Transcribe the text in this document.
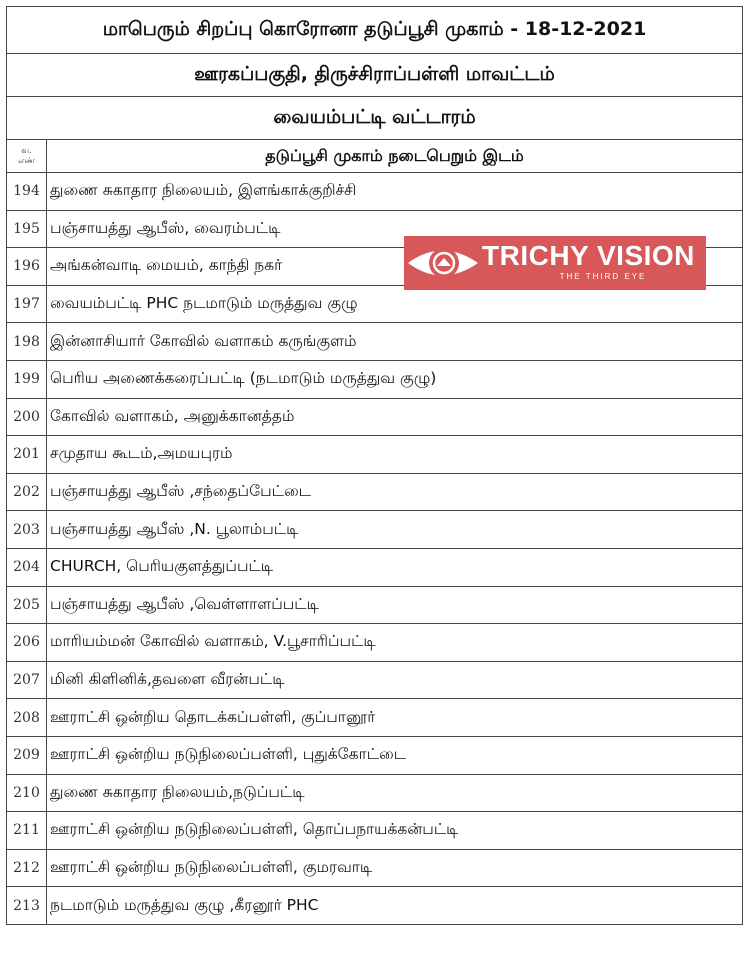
மாபெரும் சிறப்பு கொரோனா தடுப்பூசி முகாம் - 18-12-2021	
ஊரகப்பகுதி, திருச்சிராப்பள்ளி மாவட்டம்	
வையம்பட்டி வட்டாரம்	
வ.
எண்	தடுப்பூசி முகாம் நடைபெறும் இடம்
194	துணை சுகாதார நிலையம், இளங்காக்குறிச்சி
195	பஞ்சாயத்து ஆபீஸ், வைரம்பட்டி
196	அங்கன்வாடி மையம், காந்தி நகர்
197	வையம்பட்டி PHC நடமாடும் மருத்துவ குழு
198	இன்னாசியார் கோவில் வளாகம் கருங்குளம்
199	பெரிய அணைக்கரைப்பட்டி (நடமாடும் மருத்துவ குழு)
200	கோவில் வளாகம், அனுக்கானத்தம்
201	சமுதாய கூடம்,அமயபுரம்
202	பஞ்சாயத்து ஆபீஸ் ,சந்தைப்பேட்டை
203	பஞ்சாயத்து ஆபீஸ் ,N. பூலாம்பட்டி
204	CHURCH, பெரியகுளத்துப்பட்டி
205	பஞ்சாயத்து ஆபீஸ் ,வெள்ளாளப்பட்டி
206	மாரியம்மன் கோவில் வளாகம், V.பூசாரிப்பட்டி
207	மினி கிளினிக்,தவளை வீரன்பட்டி
208	ஊராட்சி ஒன்றிய தொடக்கப்பள்ளி, குப்பானூர்
209	ஊராட்சி ஒன்றிய நடுநிலைப்பள்ளி, புதுக்கோட்டை
210	துணை சுகாதார நிலையம்,நடுப்பட்டி
211	ஊராட்சி ஒன்றிய நடுநிலைப்பள்ளி, தொப்பநாயக்கன்பட்டி
212	ஊராட்சி ஒன்றிய நடுநிலைப்பள்ளி, குமரவாடி
213	நடமாடும் மருத்துவ குழு ,கீரனூர் PHC
TRICHY VISION
THE THIRD EYE
